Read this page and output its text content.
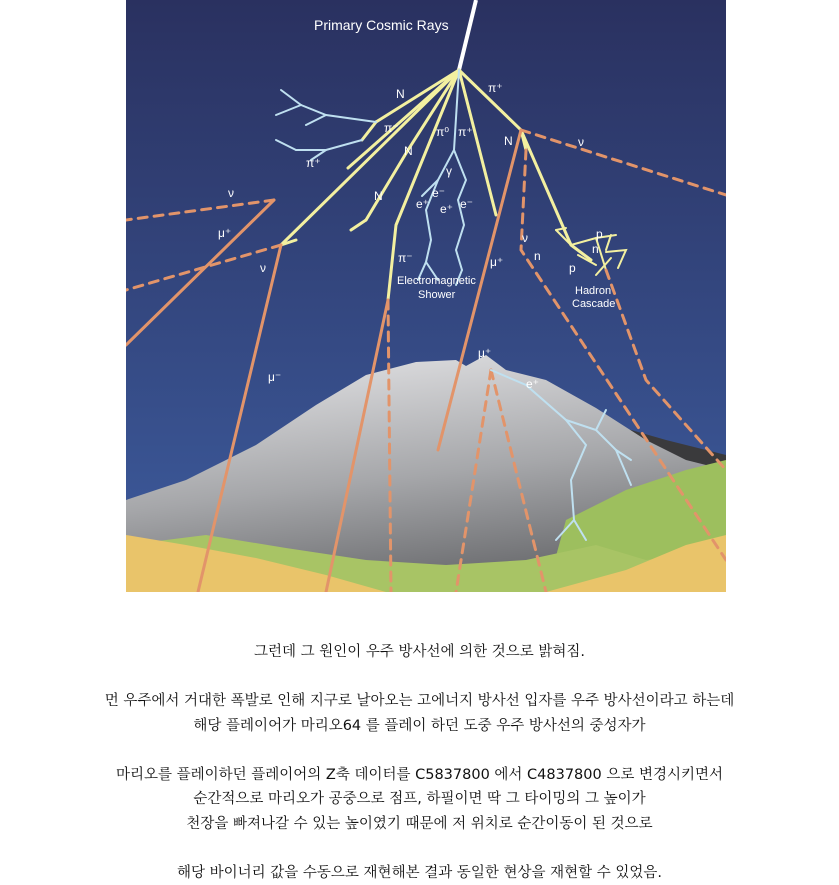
Primary Cosmic Rays
N	π⁺
π⁻
π⁺
π⁰ π⁺
N
N
ν
γ
e⁻
e⁺ e⁺ e⁻
ν
μ⁺
N
ν
π⁻
ν
μ⁺
p
n
n
p
μ⁻
μ⁺
e⁺
Electromagnetic
Shower	Hadron
Cascade

그런데 그 원인이 우주 방사선에 의한 것으로 밝혀짐.

먼 우주에서 거대한 폭발로 인해 지구로 날아오는 고에너지 방사선 입자를 우주 방사선이라고 하는데

해당 플레이어가 마리오64 를 플레이 하던 도중 우주 방사선의 중성자가

마리오를 플레이하던 플레이어의 Z축 데이터를 C5837800 에서 C4837800 으로 변경시키면서

순간적으로 마리오가 공중으로 점프, 하필이면 딱 그 타이밍의 그 높이가

천장을 빠져나갈 수 있는 높이였기 때문에 저 위치로 순간이동이 된 것으로

해당 바이너리 값을 수동으로 재현해본 결과 동일한 현상을 재현할 수 있었음.
